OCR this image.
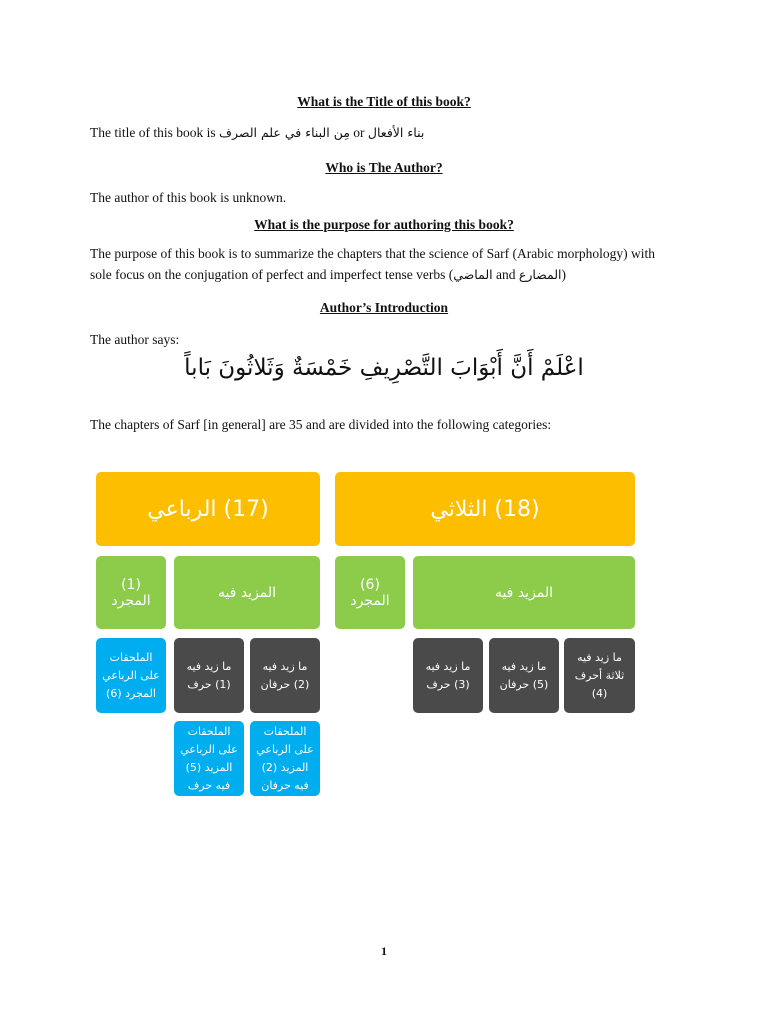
What is the Title of this book?
The title of this book is مِن البناء في علم الصرف or بناء الأفعال
Who is The Author?
The author of this book is unknown.
What is the purpose for authoring this book?
The purpose of this book is to summarize the chapters that the science of Sarf (Arabic morphology) with sole focus on the conjugation of perfect and imperfect tense verbs (الماضي and المضارع)
Author’s Introduction
The author says:
اعْلَمْ أَنَّ أَبْوَابَ التَّصْرِيفِ خَمْسَةٌ وَثَلاثُونَ بَاباً
The chapters of Sarf [in general] are 35 and are divided into the following categories:
(17) الرباعي	(18) الثلاثي
(1) المجرد	المزيد فيه	(6) المجرد	المزيد فيه
الملحقات على الرباعي المجرد (6)
ما زيد فيه (1) حرف
ما زيد فيه (2) حرفان
ما زيد فيه (3) حرف
ما زيد فيه (5) حرفان
ما زيد فيه ثلاثة أحرف (4)
الملحقات على الرباعي المزيد (5) فيه حرف
الملحقات على الرباعي المزيد (2) فيه حرفان
1
